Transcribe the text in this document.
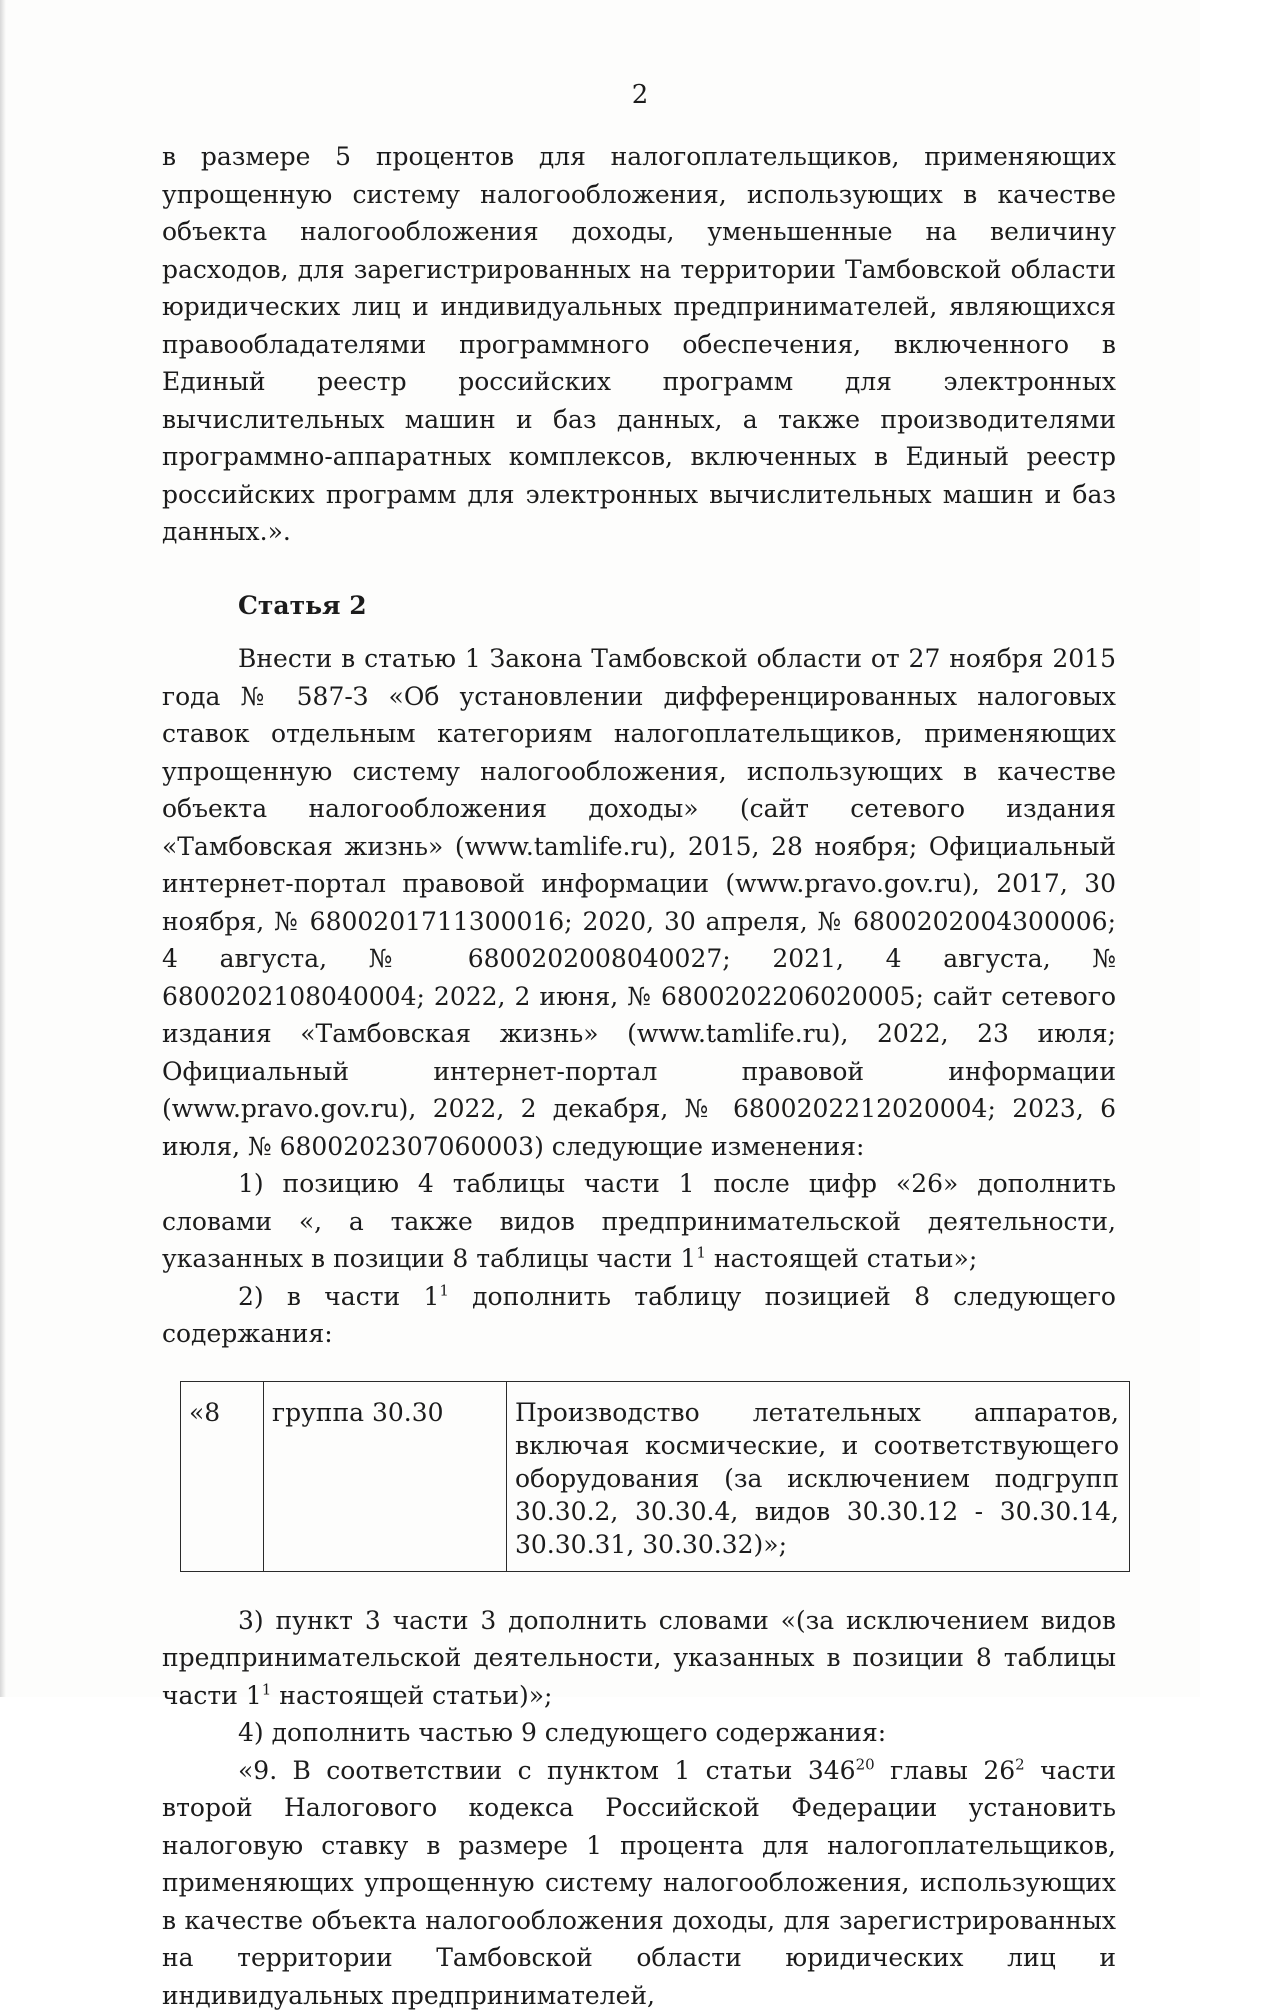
2

в размере 5 процентов для налогоплательщиков, применяющих упрощенную систему налогообложения, использующих в качестве объекта налогообложения доходы, уменьшенные на величину расходов, для зарегистрированных на территории Тамбовской области юридических лиц и индивидуальных предпринимателей, являющихся правообладателями программного обеспечения, включенного в Единый реестр российских программ для электронных вычислительных машин и баз данных, а также производителями программно-аппаратных комплексов, включенных в Единый реестр российских программ для электронных вычислительных машин и баз данных.».

Статья 2

Внести в статью 1 Закона Тамбовской области от 27 ноября 2015 года № 587-З «Об установлении дифференцированных налоговых ставок отдельным категориям налогоплательщиков, применяющих упрощенную систему налогообложения, использующих в качестве объекта налогообложения доходы» (сайт сетевого издания «Тамбовская жизнь» (www.tamlife.ru), 2015, 28 ноября; Официальный интернет-портал правовой информации (www.pravo.gov.ru), 2017, 30 ноября, № 6800201711300016; 2020, 30 апреля, № 6800202004300006; 4 августа, № 6800202008040027; 2021, 4 августа, № 6800202108040004; 2022, 2 июня, № 6800202206020005; сайт сетевого издания «Тамбовская жизнь» (www.tamlife.ru), 2022, 23 июля; Официальный интернет-портал правовой информации (www.pravo.gov.ru), 2022, 2 декабря, № 6800202212020004; 2023, 6 июля, № 6800202307060003) следующие изменения:

1) позицию 4 таблицы части 1 после цифр «26» дополнить словами «, а также видов предпринимательской деятельности, указанных в позиции 8 таблицы части $1^1$ настоящей статьи»;

2) в части $1^1$ дополнить таблицу позицией 8 следующего содержания:

«8	группа 30.30	Производство летательных аппаратов, включая космические, и соответствующего оборудования (за исключением подгрупп 30.30.2, 30.30.4, видов 30.30.12 - 30.30.14, 30.30.31, 30.30.32)»;

3) пункт 3 части 3 дополнить словами «(за исключением видов предпринимательской деятельности, указанных в позиции 8 таблицы части $1^1$ настоящей статьи)»;

4) дополнить частью 9 следующего содержания:

«9. В соответствии с пунктом 1 статьи $346^{20}$ главы $26^2$ части второй Налогового кодекса Российской Федерации установить налоговую ставку в размере 1 процента для налогоплательщиков, применяющих упрощенную систему налогообложения, использующих в качестве объекта налогообложения доходы, для зарегистрированных на территории Тамбовской области юридических лиц и индивидуальных предпринимателей,
